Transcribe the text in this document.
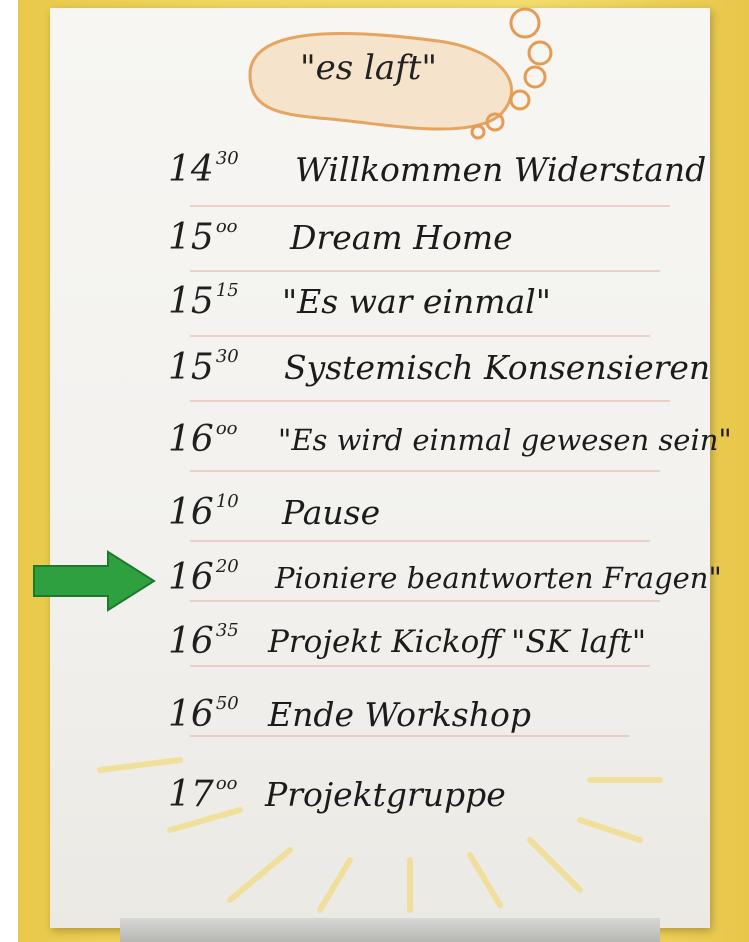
"es laft"
14 $^{30}$ Willkommen Widerstand
15 $^{oo}$ Dream Home
15 $^{15}$ "Es war einmal"
15 $^{30}$ Systemisch Konsensieren
16 $^{oo}$ "Es wird einmal gewesen sein"
16 $^{10}$ Pause
16 $^{20}$ Pioniere beantworten Fragen"
16 $^{35}$ Projekt Kickoff "SK laft"
16 $^{50}$ Ende Workshop
17 $^{oo}$ Projektgruppe
